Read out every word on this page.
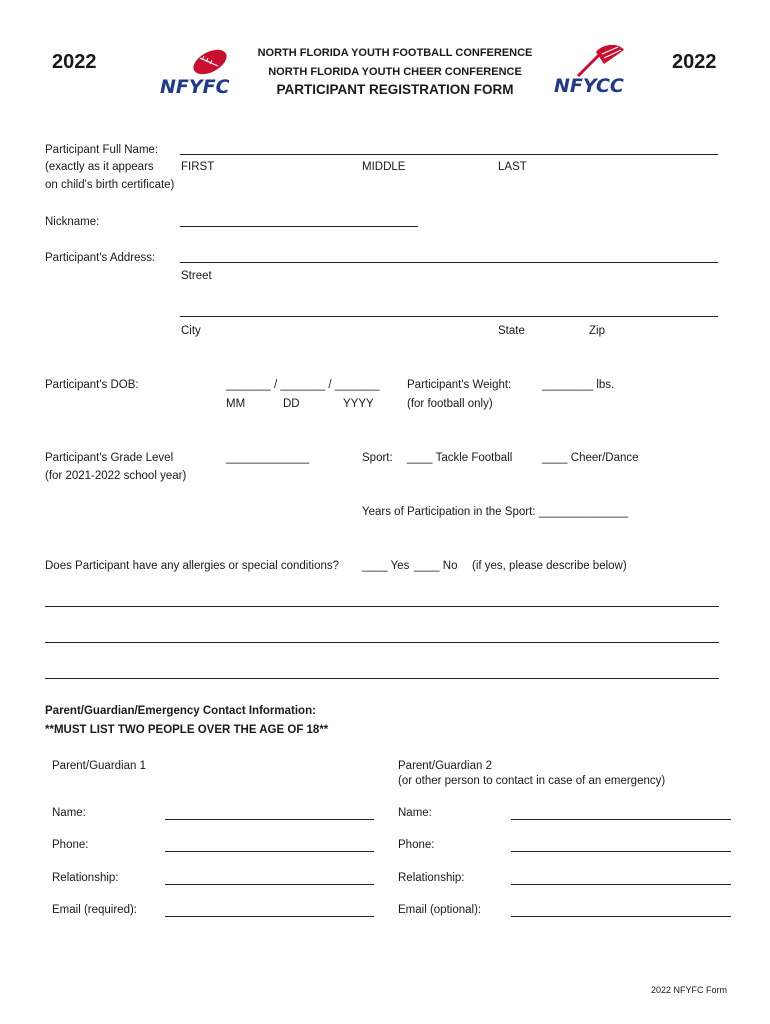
2022	2022
NFYFC
NORTH FLORIDA YOUTH FOOTBALL CONFERENCE
NORTH FLORIDA YOUTH CHEER CONFERENCE
PARTICIPANT REGISTRATION FORM	NFYCC
Participant Full Name:
(exactly as it appears
on child's birth certificate)
FIRST	MIDDLE	LAST
Nickname:
Participant's Address:
Street
City	State	Zip
Participant's DOB:	_______ / _______ / _______
MM	DD	YYYY
Participant's Weight:
(for football only)
________ lbs.
Participant's Grade Level
(for 2021-2022 school year)
_____________	Sport: ____ Tackle Football	____ Cheer/Dance
Years of Participation in the Sport: ______________
Does Participant have any allergies or special conditions? ____ Yes ____ No (if yes, please describe below)
Parent/Guardian/Emergency Contact Information:
**MUST LIST TWO PEOPLE OVER THE AGE OF 18**
Parent/Guardian 1	Parent/Guardian 2
(or other person to contact in case of an emergency)
Name:	Name:
Phone:	Phone:
Relationship:	Relationship:
Email (required):	Email (optional):
2022 NFYFC Form
